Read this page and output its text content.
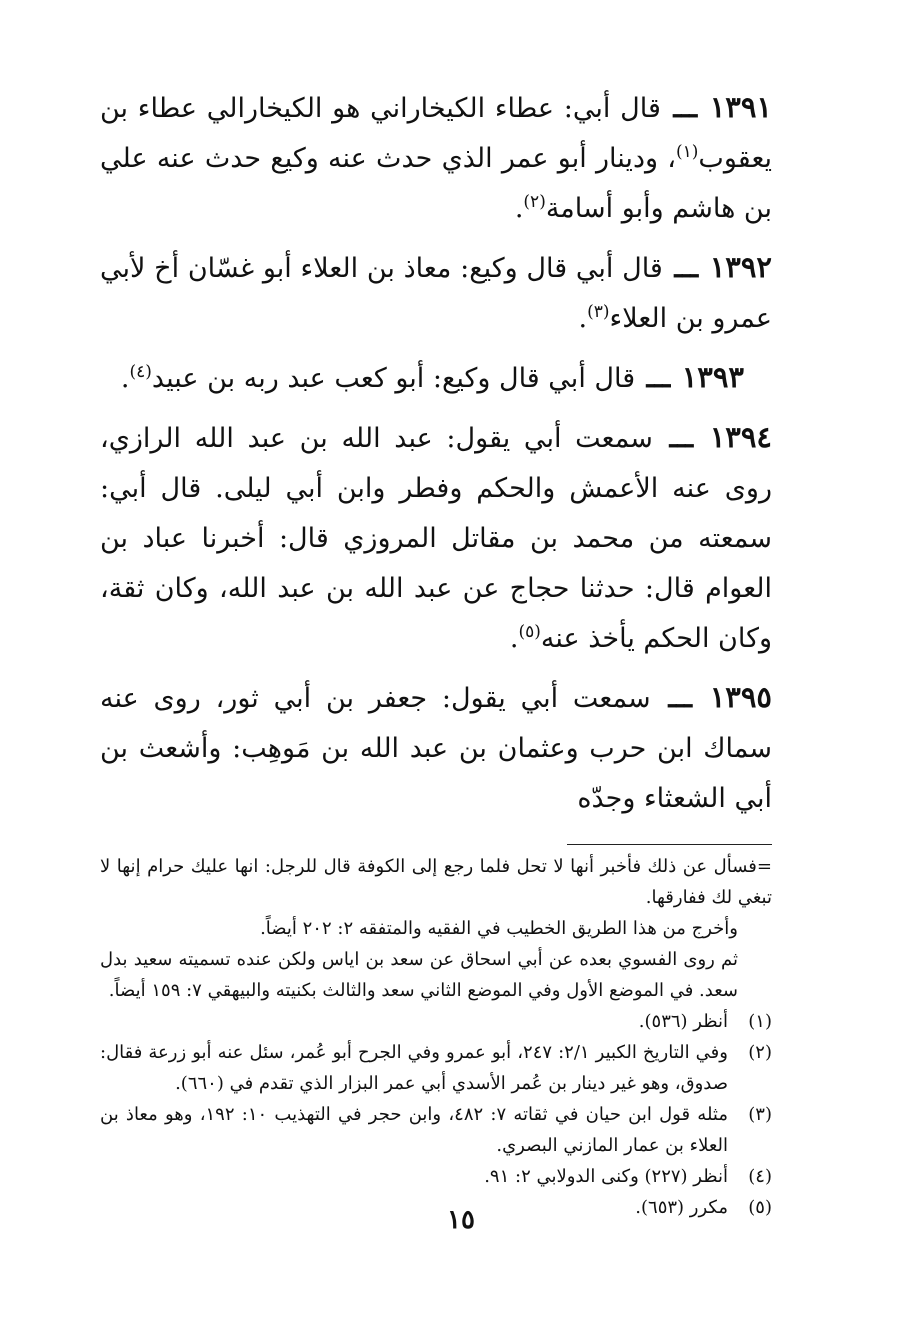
١٣٩١ ـــ قال أبي: عطاء الكيخاراني هو الكيخارالي عطاء بن يعقوب$^{(١)}$، ودينار أبو عمر الذي حدث عنه وكيع حدث عنه علي بن هاشم وأبو أسامة$^{(٢)}$.

١٣٩٢ ـــ قال أبي قال وكيع: معاذ بن العلاء أبو غسّان أخ لأبي عمرو بن العلاء$^{(٣)}$.

١٣٩٣ ـــ قال أبي قال وكيع: أبو كعب عبد ربه بن عبيد$^{(٤)}$.

١٣٩٤ ـــ سمعت أبي يقول: عبد الله بن عبد الله الرازي، روى عنه الأعمش والحكم وفطر وابن أبي ليلى. قال أبي: سمعته من محمد بن مقاتل المروزي قال: أخبرنا عباد بن العوام قال: حدثنا حجاج عن عبد الله بن عبد الله، وكان ثقة، وكان الحكم يأخذ عنه$^{(٥)}$.

١٣٩٥ ـــ سمعت أبي يقول: جعفر بن أبي ثور، روى عنه سماك ابن حرب وعثمان بن عبد الله بن مَوهِب: وأشعث بن أبي الشعثاء وجدّه

=فسأل عن ذلك فأخبر أنها لا تحل فلما رجع إلى الكوفة قال للرجل: انها عليك حرام إنها لا تبغي لك ففارقها.

وأخرج من هذا الطريق الخطيب في الفقيه والمتفقه ٢: ٢٠٢ أيضاً.

ثم روى الفسوي بعده عن أبي اسحاق عن سعد بن اياس ولكن عنده تسميته سعيد بدل سعد. في الموضع الأول وفي الموضع الثاني سعد والثالث بكنيته والبيهقي ٧: ١٥٩ أيضاً.

(١)
أنظر (٥٣٦).
(٢)
وفي التاريخ الكبير ٢/١: ٢٤٧، أبو عمرو وفي الجرح أبو عُمر، سئل عنه أبو زرعة فقال: صدوق، وهو غير دينار بن عُمر الأسدي أبي عمر البزار الذي تقدم في (٦٦٠).
(٣)
مثله قول ابن حيان في ثقاته ٧: ٤٨٢، وابن حجر في التهذيب ١٠: ١٩٢، وهو معاذ بن العلاء بن عمار المازني البصري.
(٤)
أنظر (٢٢٧) وكنى الدولابي ٢: ٩١.
(٥)
مكرر (٦٥٣).
١٥
